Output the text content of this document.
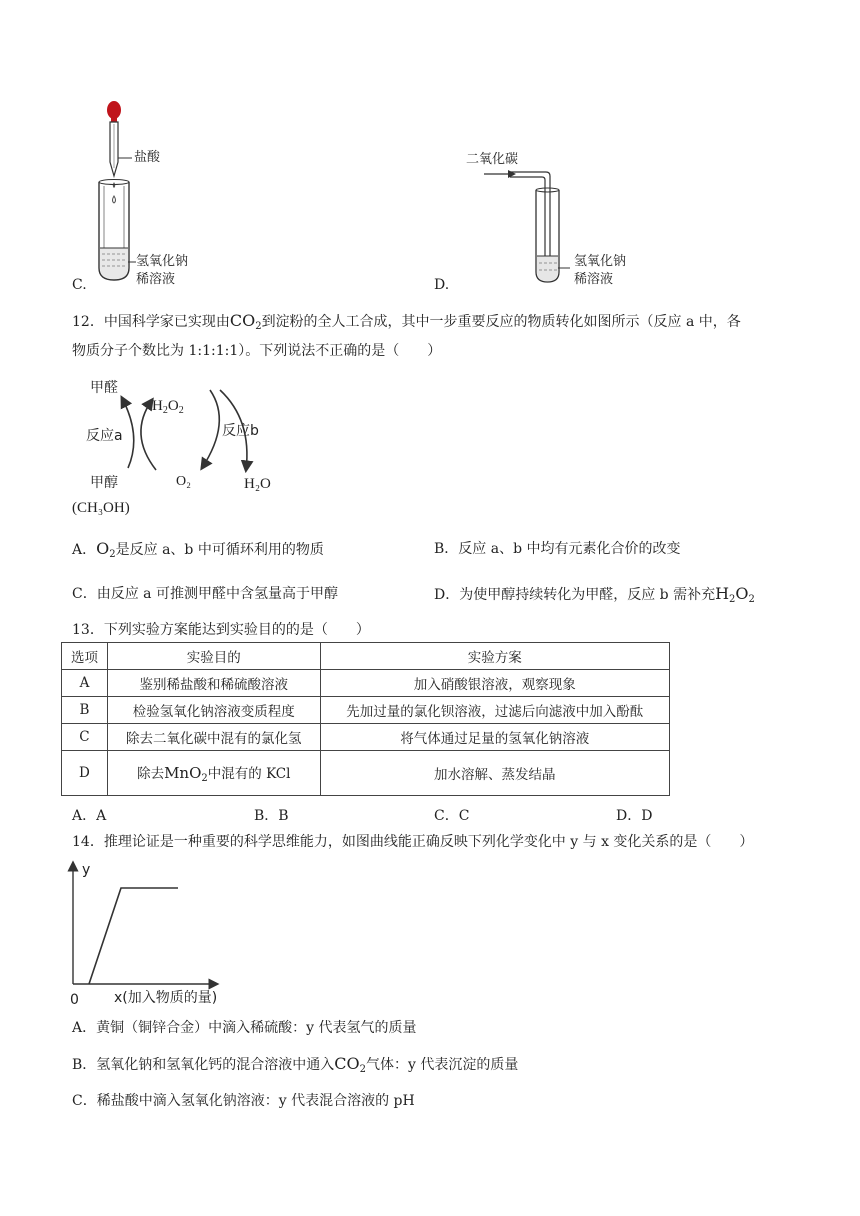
盐酸
氢氧化钠
稀溶液
C.
二氧化碳
氢氧化钠
稀溶液
D.
12．中国科学家已实现由$CO_2$到淀粉的全人工合成，其中一步重要反应的物质转化如图所示（反应 a 中，各
物质分子个数比为 1:1:1:1）。下列说法不正确的是（　　）
甲醛
$H_2O_2$
反应a	反应b
O₂	H₂O
甲醇
(CH₃OH)
A．$O_2$是反应 a、b 中可循环利用的物质	B．反应 a、b 中均有元素化合价的改变
C．由反应 a 可推测甲醛中含氢量高于甲醇	D．为使甲醇持续转化为甲醛，反应 b 需补充$H_2O_2$
13．下列实验方案能达到实验目的的是（　　）
选项	实验目的	实验方案
A	鉴别稀盐酸和稀硫酸溶液	加入硝酸银溶液，观察现象
B	检验氢氧化钠溶液变质程度	先加过量的氯化钡溶液，过滤后向滤液中加入酚酞
C	除去二氧化碳中混有的氯化氢	将气体通过足量的氢氧化钠溶液
D	除去MnO$_2$中混有的 KCl	加水溶解、蒸发结晶
A．A	B．B	C．C	D．D
14．推理论证是一种重要的科学思维能力，如图曲线能正确反映下列化学变化中 y 与 x 变化关系的是（　　）
y
0	x(加入物质的量)
A．黄铜（铜锌合金）中滴入稀硫酸：y 代表氢气的质量
B．氢氧化钠和氢氧化钙的混合溶液中通入$CO_2$气体：y 代表沉淀的质量
C．稀盐酸中滴入氢氧化钠溶液：y 代表混合溶液的 pH
